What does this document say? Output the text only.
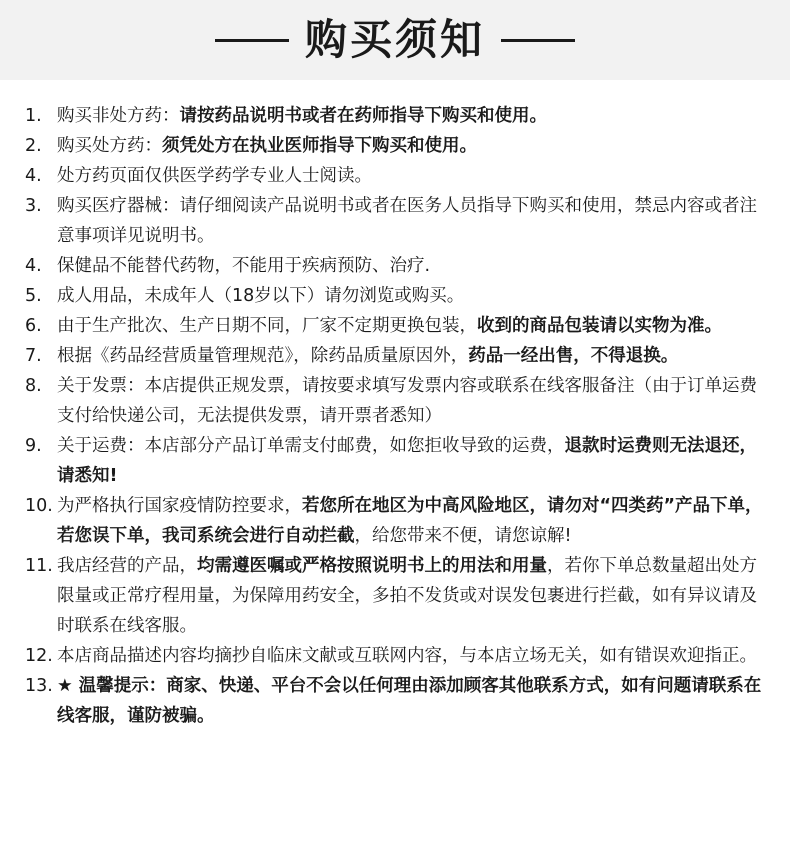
购买须知
1. 购买非处方药：请按药品说明书或者在药师指导下购买和使用。
2. 购买处方药：须凭处方在执业医师指导下购买和使用。
4. 处方药页面仅供医学药学专业人士阅读。
3. 购买医疗器械：请仔细阅读产品说明书或者在医务人员指导下购买和使用，禁忌内容或者注意事项详见说明书。
4. 保健品不能替代药物，不能用于疾病预防、治疗.
5. 成人用品，未成年人（18岁以下）请勿浏览或购买。
6. 由于生产批次、生产日期不同，厂家不定期更换包装，收到的商品包装请以实物为准。
7. 根据《药品经营质量管理规范》，除药品质量原因外，药品一经出售，不得退换。
8. 关于发票：本店提供正规发票，请按要求填写发票内容或联系在线客服备注（由于订单运费支付给快递公司，无法提供发票，请开票者悉知）
9. 关于运费：本店部分产品订单需支付邮费，如您拒收导致的运费，退款时运费则无法退还，请悉知!
10. 为严格执行国家疫情防控要求，若您所在地区为中高风险地区，请勿对“四类药”产品下单，若您误下单，我司系统会进行自动拦截，给您带来不便，请您谅解!
11. 我店经营的产品，均需遵医嘱或严格按照说明书上的用法和用量，若你下单总数量超出处方限量或正常疗程用量，为保障用药安全，多拍不发货或对误发包裹进行拦截，如有异议请及时联系在线客服。
12. 本店商品描述内容均摘抄自临床文献或互联网内容，与本店立场无关，如有错误欢迎指正。
13. ★ 温馨提示：商家、快递、平台不会以任何理由添加顾客其他联系方式，如有问题请联系在线客服，谨防被骗。
